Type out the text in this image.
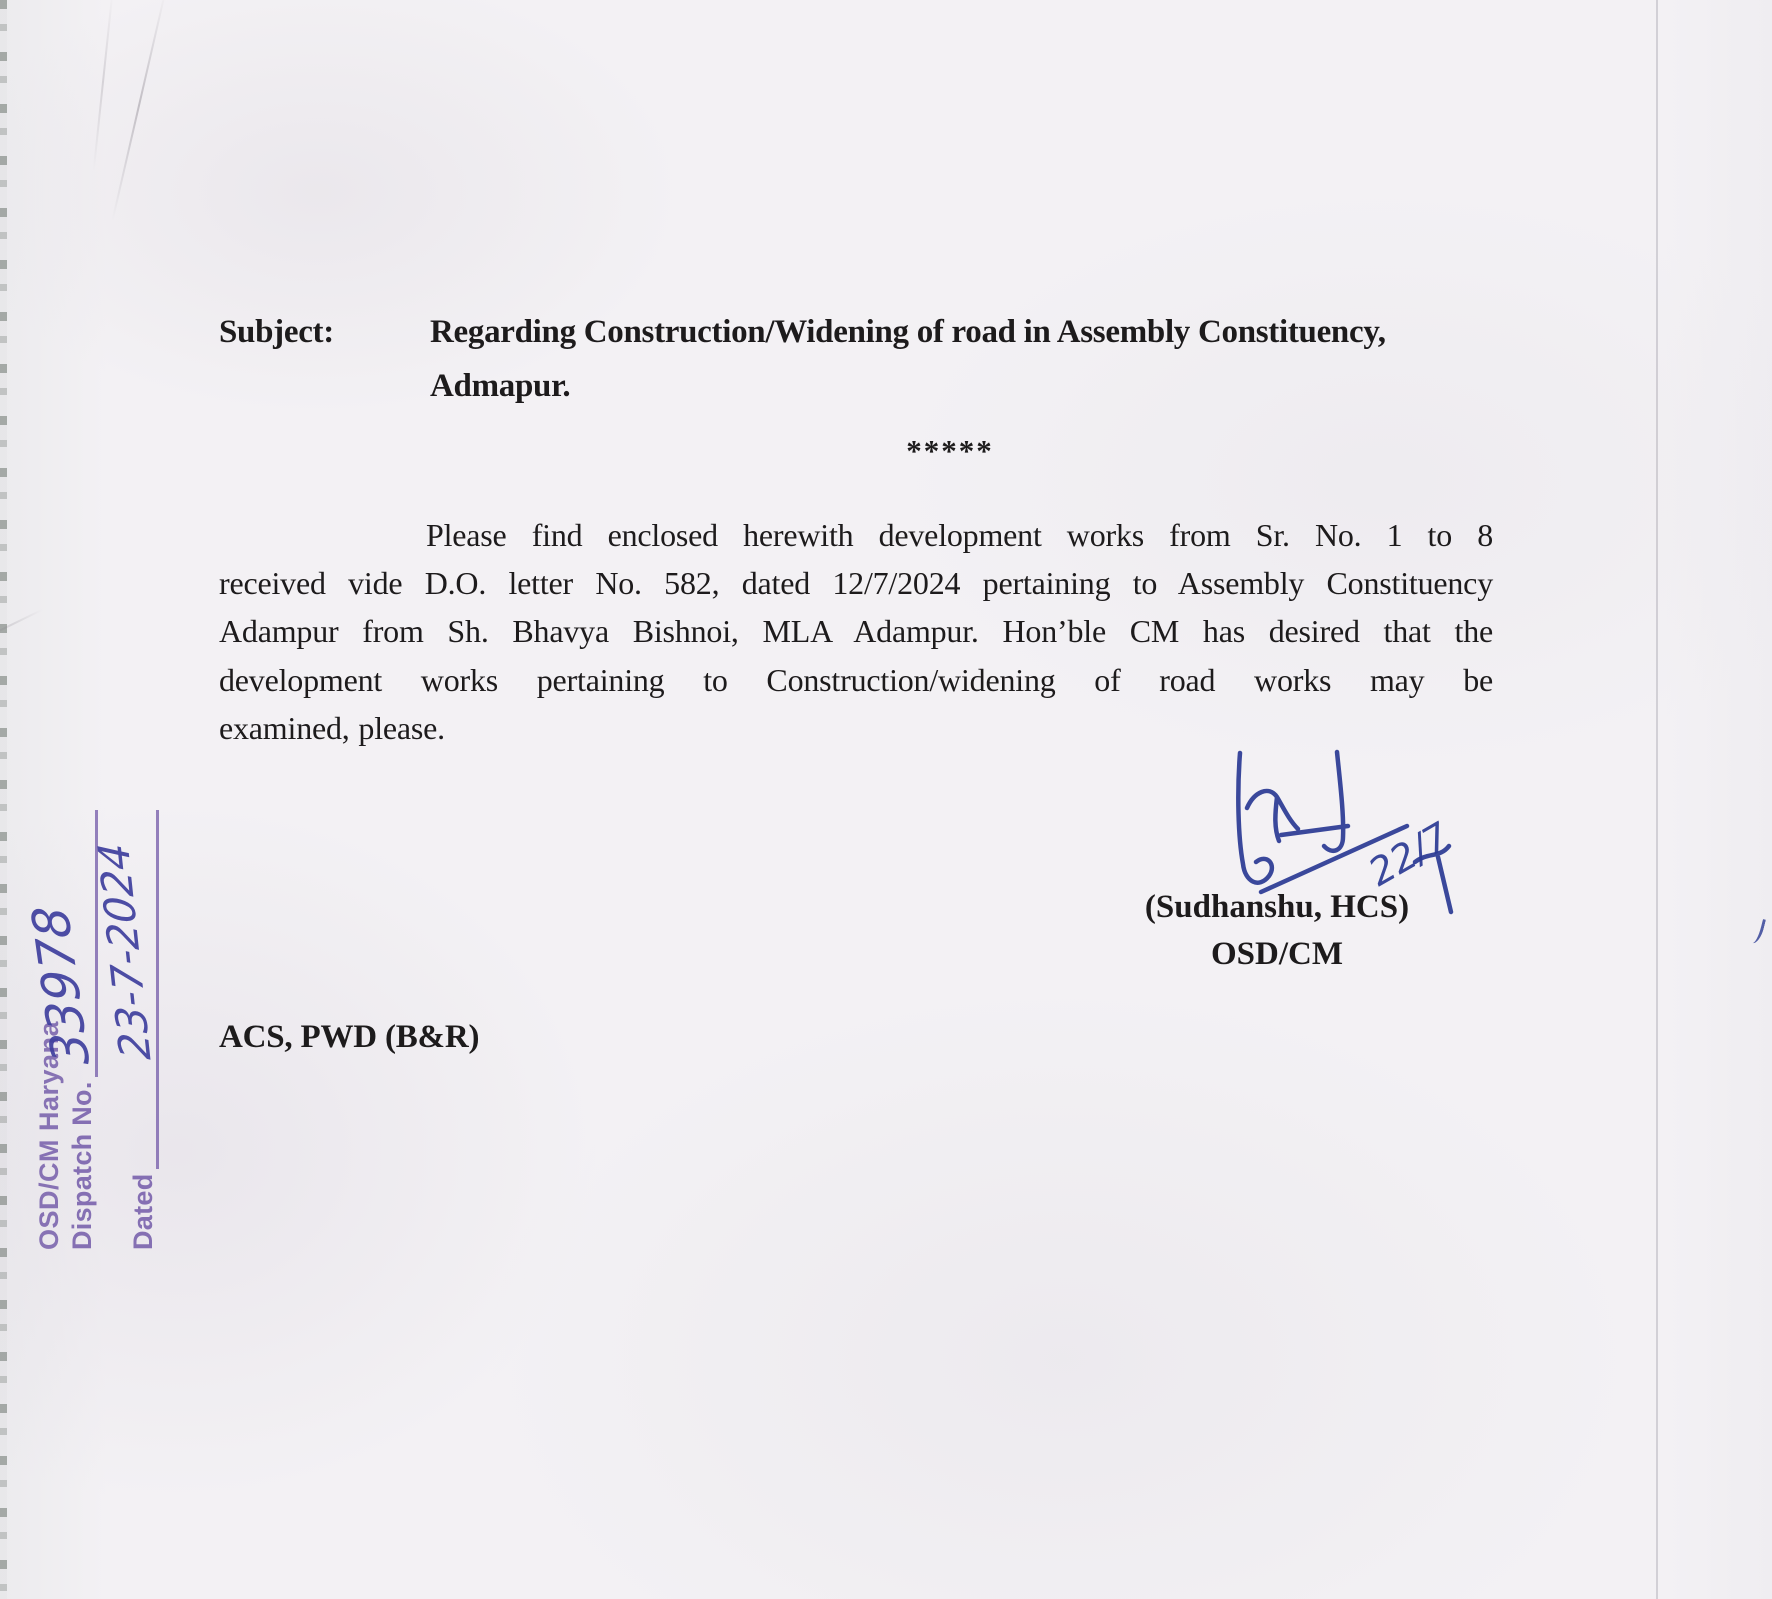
Subject:	Regarding Construction/Widening of road in Assembly Constituency,
Admapur.
*****
Please find enclosed herewith development works from Sr. No. 1 to 8
received vide D.O. letter No. 582, dated 12/7/2024 pertaining to Assembly Constituency
Adampur from Sh. Bhavya Bishnoi, MLA Adampur. Hon’ble CM has desired that the
development works pertaining to Construction/widening of road works may be
examined, please.
22/7
(Sudhanshu, HCS)
OSD/CM
ACS, PWD (B&R)
OSD/CM Haryana Dispatch No. Dated
33978
23-7-2024
